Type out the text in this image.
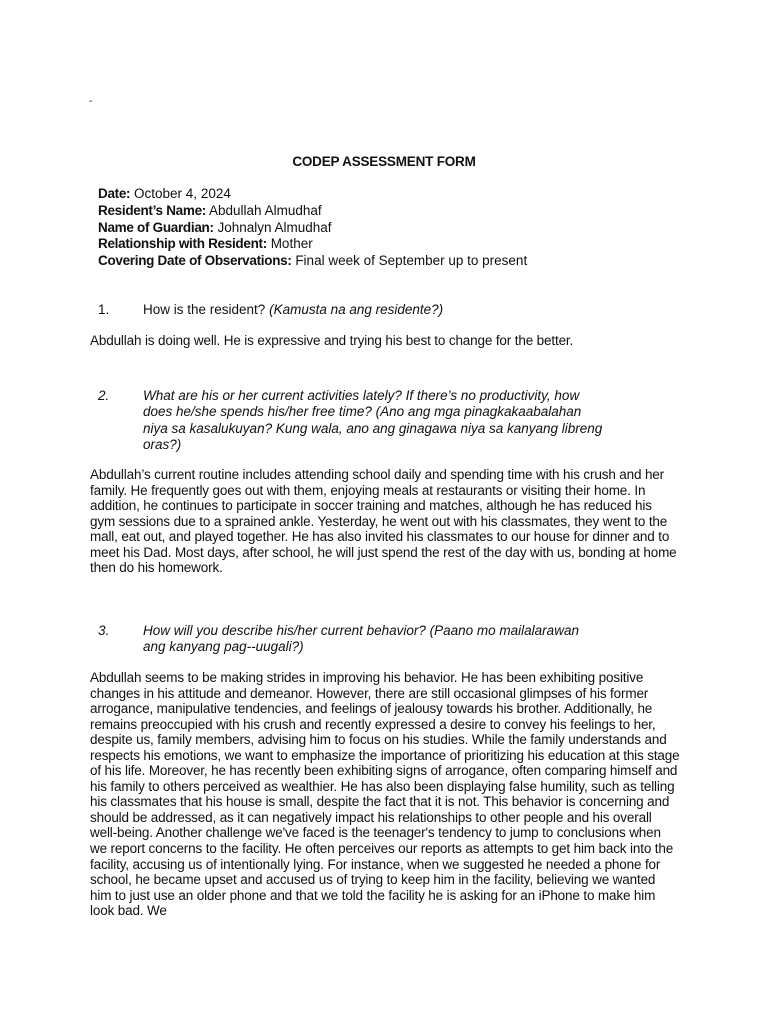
-
CODEP ASSESSMENT FORM
Date: October 4, 2024
Resident’s Name: Abdullah Almudhaf
Name of Guardian: Johnalyn Almudhaf
Relationship with Resident: Mother
Covering Date of Observations: Final week of September up to present
1.	How is the resident? (Kamusta na ang residente?)
Abdullah is doing well. He is expressive and trying his best to change for the better.
2.	What are his or her current activities lately? If there’s no productivity, how does he/she spends his/her free time? (Ano ang mga pinagkakaabalahan niya sa kasalukuyan? Kung wala, ano ang ginagawa niya sa kanyang libreng oras?)
Abdullah’s current routine includes attending school daily and spending time with his crush and her family. He frequently goes out with them, enjoying meals at restaurants or visiting their home. In addition, he continues to participate in soccer training and matches, although he has reduced his gym sessions due to a sprained ankle. Yesterday, he went out with his classmates, they went to the mall, eat out, and played together. He has also invited his classmates to our house for dinner and to meet his Dad. Most days, after school, he will just spend the rest of the day with us, bonding at home then do his homework.
3.	How will you describe his/her current behavior? (Paano mo mailalarawan ang kanyang pag--uugali?)
Abdullah seems to be making strides in improving his behavior. He has been exhibiting positive changes in his attitude and demeanor. However, there are still occasional glimpses of his former arrogance, manipulative tendencies, and feelings of jealousy towards his brother. Additionally, he remains preoccupied with his crush and recently expressed a desire to convey his feelings to her, despite us, family members, advising him to focus on his studies. While the family understands and respects his emotions, we want to emphasize the importance of prioritizing his education at this stage of his life. Moreover, he has recently been exhibiting signs of arrogance, often comparing himself and his family to others perceived as wealthier. He has also been displaying false humility, such as telling his classmates that his house is small, despite the fact that it is not. This behavior is concerning and should be addressed, as it can negatively impact his relationships to other people and his overall well-being. Another challenge we've faced is the teenager's tendency to jump to conclusions when we report concerns to the facility. He often perceives our reports as attempts to get him back into the facility, accusing us of intentionally lying. For instance, when we suggested he needed a phone for school, he became upset and accused us of trying to keep him in the facility, believing we wanted him to just use an older phone and that we told the facility he is asking for an iPhone to make him look bad. We
